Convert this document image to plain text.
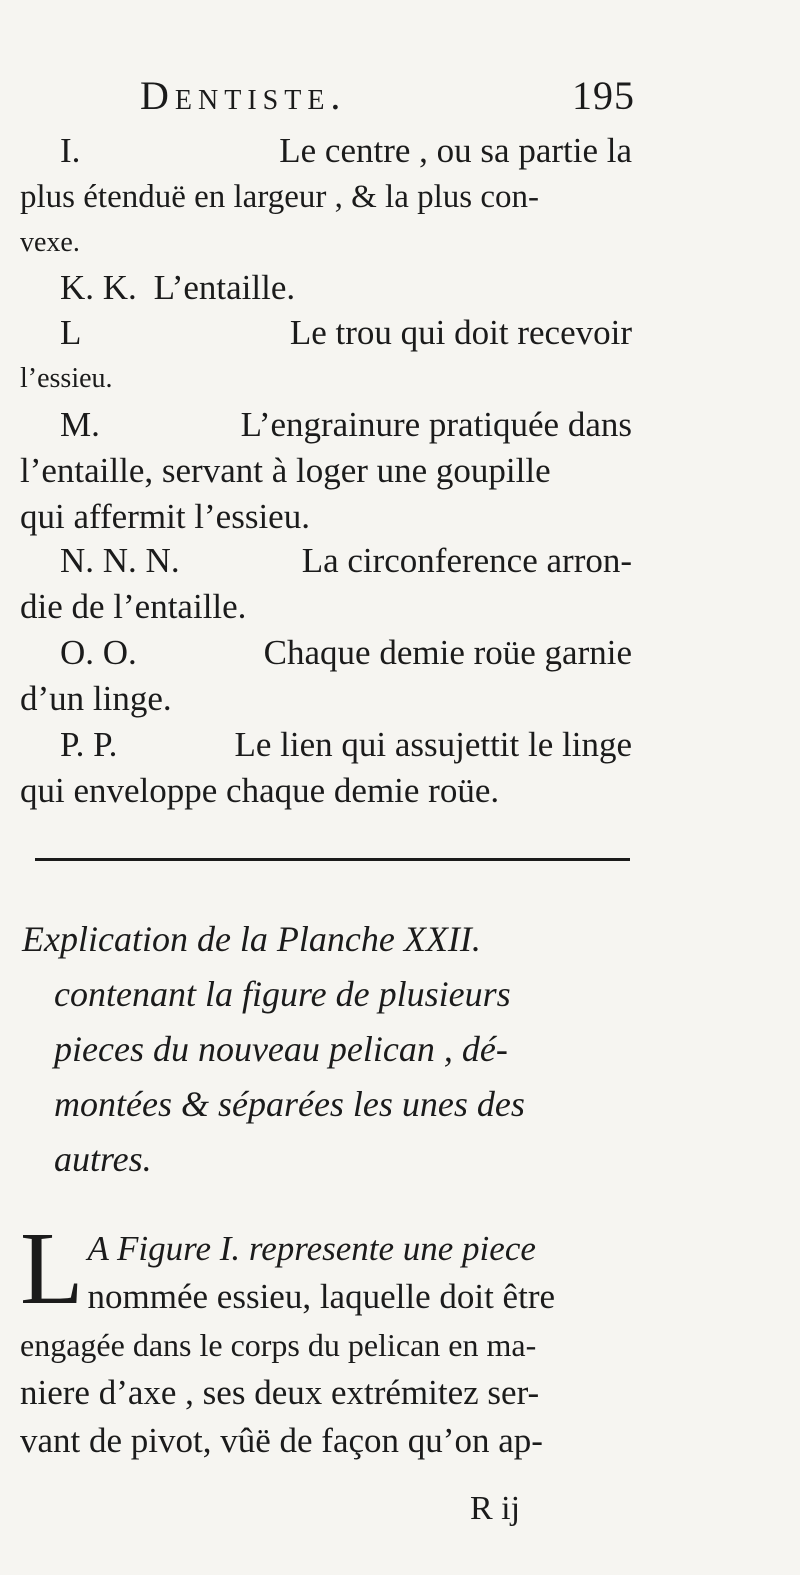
Dentiste.	195
I.	Le centre , ou sa partie la
plus étenduë en largeur , & la plus con-
vexe.
K. K. L’entaille.
L	Le trou qui doit recevoir
l’essieu.
M.	L’engrainure pratiquée dans
l’entaille, servant à loger une goupille
qui affermit l’essieu.
N. N. N.	La circonference arron-
die de l’entaille.
O. O.	Chaque demie roüe garnie
d’un linge.
P. P.	Le lien qui assujettit le linge
qui enveloppe chaque demie roüe.
Explication de la Planche XXII.
contenant la figure de plusieurs
pieces du nouveau pelican , dé-
montées & séparées les unes des
autres.
L A Figure I. represente une piece
nommée essieu, laquelle doit être
engagée dans le corps du pelican en ma-
niere d’axe , ses deux extrémitez ser-
vant de pivot, vûë de façon qu’on ap-
R ij
